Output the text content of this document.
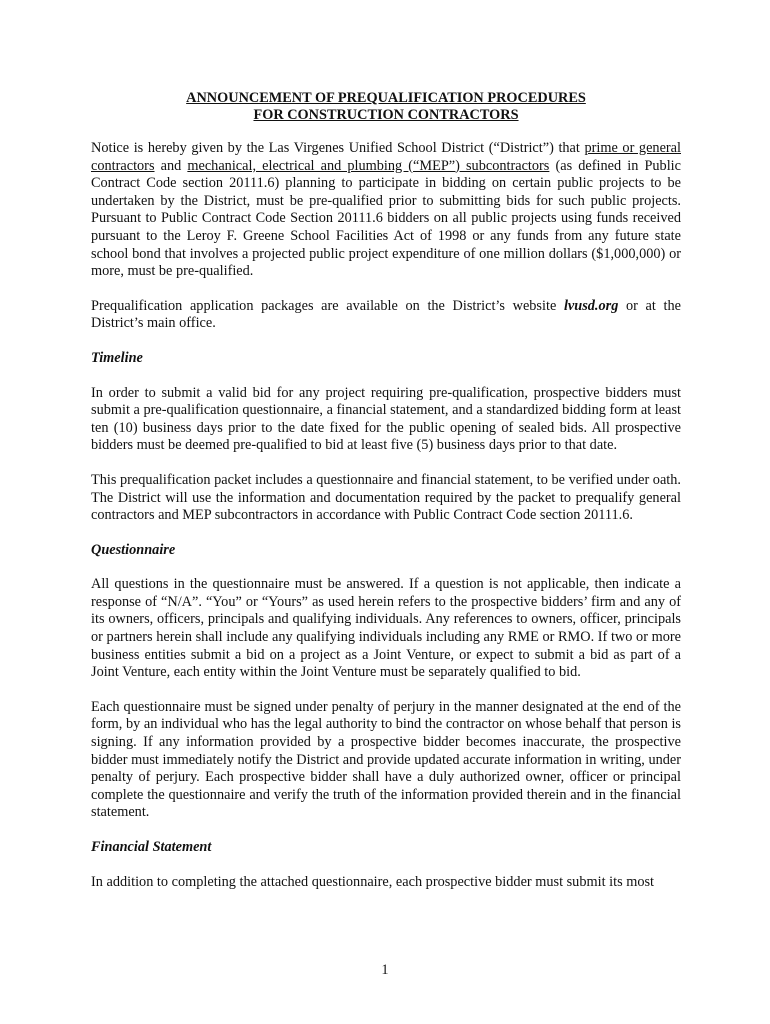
ANNOUNCEMENT OF PREQUALIFICATION PROCEDURES

FOR CONSTRUCTION CONTRACTORS

Notice is hereby given by the Las Virgenes Unified School District (“District”) that prime or general contractors and mechanical, electrical and plumbing (“MEP”) subcontractors (as defined in Public Contract Code section 20111.6) planning to participate in bidding on certain public projects to be undertaken by the District, must be pre-qualified prior to submitting bids for such public projects. Pursuant to Public Contract Code Section 20111.6 bidders on all public projects using funds received pursuant to the Leroy F. Greene School Facilities Act of 1998 or any funds from any future state school bond that involves a projected public project expenditure of one million dollars ($1,000,000) or more, must be pre-qualified.

Prequalification application packages are available on the District’s website lvusd.org or at the District’s main office.

Timeline

In order to submit a valid bid for any project requiring pre-qualification, prospective bidders must submit a pre-qualification questionnaire, a financial statement, and a standardized bidding form at least ten (10) business days prior to the date fixed for the public opening of sealed bids. All prospective bidders must be deemed pre-qualified to bid at least five (5) business days prior to that date.

This prequalification packet includes a questionnaire and financial statement, to be verified under oath. The District will use the information and documentation required by the packet to prequalify general contractors and MEP subcontractors in accordance with Public Contract Code section 20111.6.

Questionnaire

All questions in the questionnaire must be answered. If a question is not applicable, then indicate a response of “N/A”. “You” or “Yours” as used herein refers to the prospective bidders’ firm and any of its owners, officers, principals and qualifying individuals. Any references to owners, officer, principals or partners herein shall include any qualifying individuals including any RME or RMO. If two or more business entities submit a bid on a project as a Joint Venture, or expect to submit a bid as part of a Joint Venture, each entity within the Joint Venture must be separately qualified to bid.

Each questionnaire must be signed under penalty of perjury in the manner designated at the end of the form, by an individual who has the legal authority to bind the contractor on whose behalf that person is signing. If any information provided by a prospective bidder becomes inaccurate, the prospective bidder must immediately notify the District and provide updated accurate information in writing, under penalty of perjury. Each prospective bidder shall have a duly authorized owner, officer or principal complete the questionnaire and verify the truth of the information provided therein and in the financial statement.

Financial Statement

In addition to completing the attached questionnaire, each prospective bidder must submit its most

1
